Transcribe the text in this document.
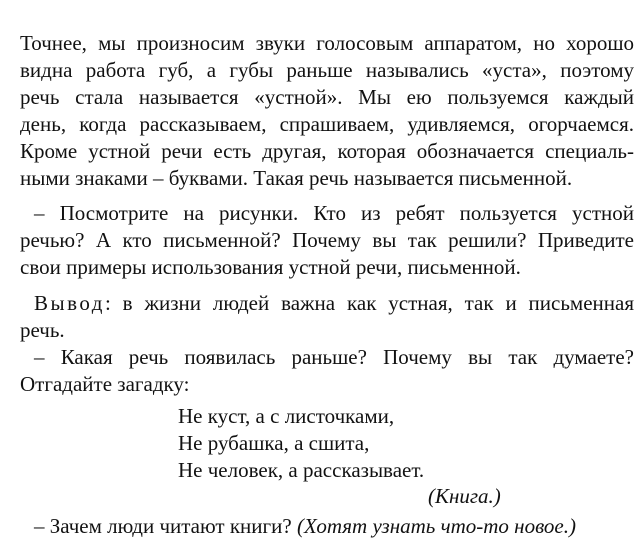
Точнее, мы произносим звуки голосовым аппаратом, но хорошо
видна работа губ, а губы раньше назывались «уста», поэтому
речь стала называется «устной». Мы ею пользуемся каждый
день, когда рассказываем, спрашиваем, удивляемся, огорчаемся.
Кроме устной речи есть другая, которая обозначается специаль-
ными знаками – буквами. Такая речь называется письменной.

– Посмотрите на рисунки. Кто из ребят пользуется устной
речью? А кто письменной? Почему вы так решили? Приведите
свои примеры использования устной речи, письменной.

Вывод: в жизни людей важна как устная, так и письменная
речь.

– Какая речь появилась раньше? Почему вы так думаете?
Отгадайте загадку:

Не куст, а с листочками,
Не рубашка, а сшита,
Не человек, а рассказывает.

(Книга.)

– Зачем люди читают книги? (Хотят узнать что-то новое.)
